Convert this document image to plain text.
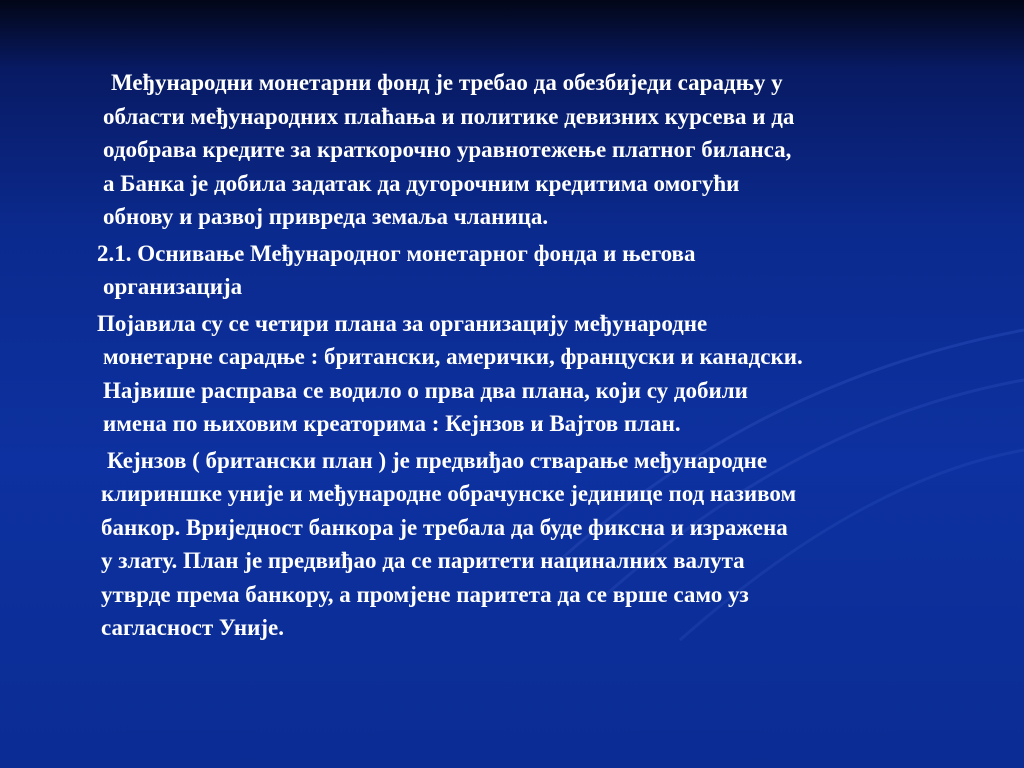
Међународни монетарни фонд је требао да обезбиједи сарадњу у
области међународних плаћања и политике девизних курсева и да
одобрава кредите за краткорочно уравнотежење платног биланса,
а Банка је добила задатак да дугорочним кредитима омогући
обнову и развој привреда земаља чланица.
2.1. Оснивање Међународног монетарног фонда и његова
организација
Појавила су се четири плана за организацију међународне
монетарне сарадње : британски, амерички, француски и канадски.
Највише расправа се водило о прва два плана, који су добили
имена по њиховим креаторима : Кејнзов и Вајтов план.
Кејнзов ( британски план ) је предвиђао стварање међународне
клириншке уније и међународне обрачунске јединице под називом
банкор. Вриједност банкора је требала да буде фиксна и изражена
у злату. План је предвиђао да се паритети нациналних валута
утврде према банкору, а промјене паритета да се врше само уз
сагласност Уније.
